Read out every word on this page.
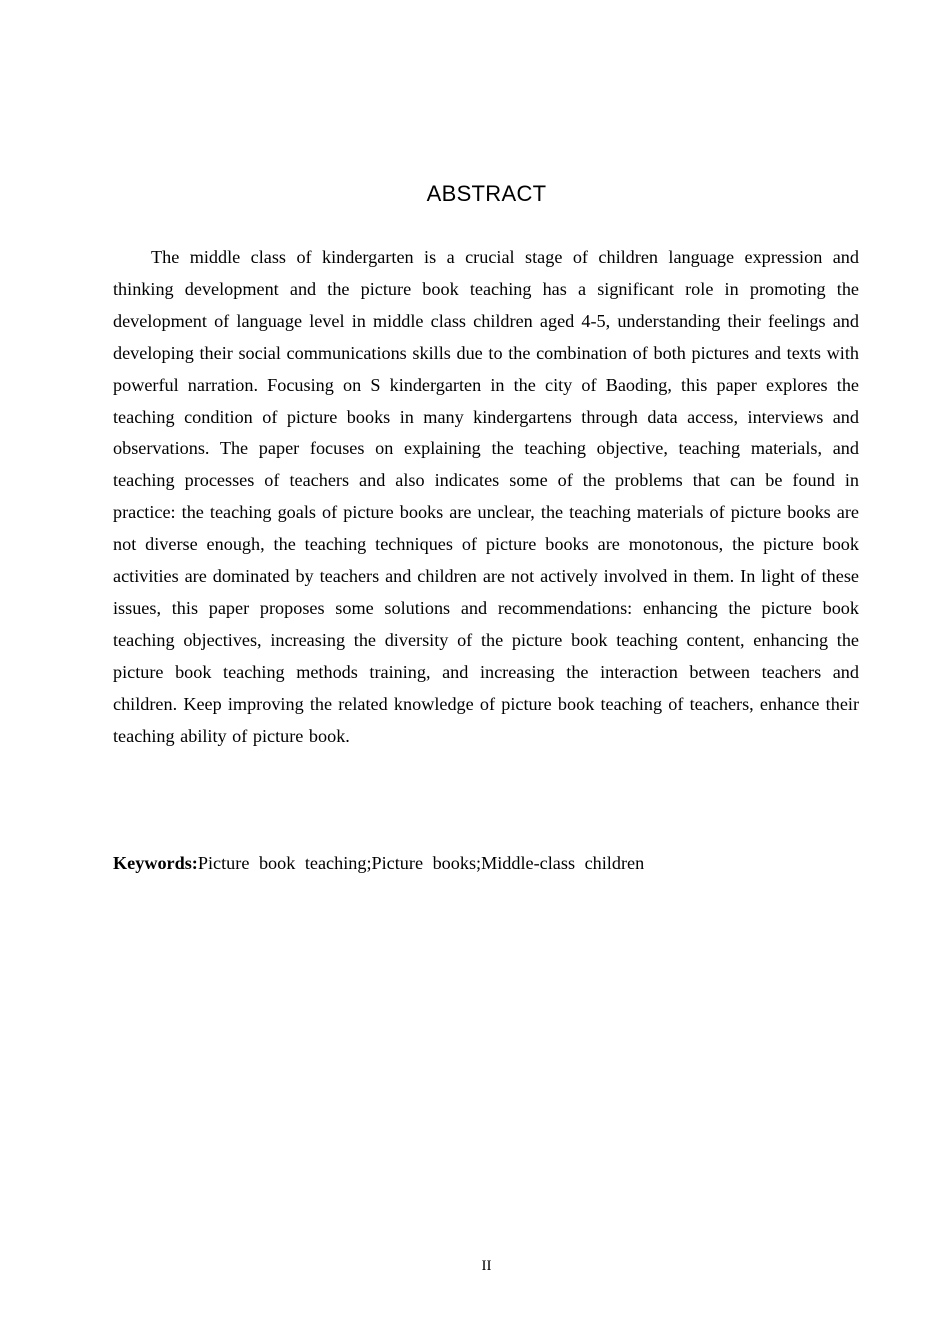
ABSTRACT

The middle class of kindergarten is a crucial stage of children language expression and thinking development and the picture book teaching has a significant role in promoting the development of language level in middle class children aged 4-5, understanding their feelings and developing their social communications skills due to the combination of both pictures and texts with powerful narration. Focusing on S kindergarten in the city of Baoding, this paper explores the teaching condition of picture books in many kindergartens through data access, interviews and observations. The paper focuses on explaining the teaching objective, teaching materials, and teaching processes of teachers and also indicates some of the problems that can be found in practice: the teaching goals of picture books are unclear, the teaching materials of picture books are not diverse enough, the teaching techniques of picture books are monotonous, the picture book activities are dominated by teachers and children are not actively involved in them. In light of these issues, this paper proposes some solutions and recommendations: enhancing the picture book teaching objectives, increasing the diversity of the picture book teaching content, enhancing the picture book teaching methods training, and increasing the interaction between teachers and children. Keep improving the related knowledge of picture book teaching of teachers, enhance their teaching ability of picture book.

Keywords:Picture book teaching;Picture books;Middle-class children
II
